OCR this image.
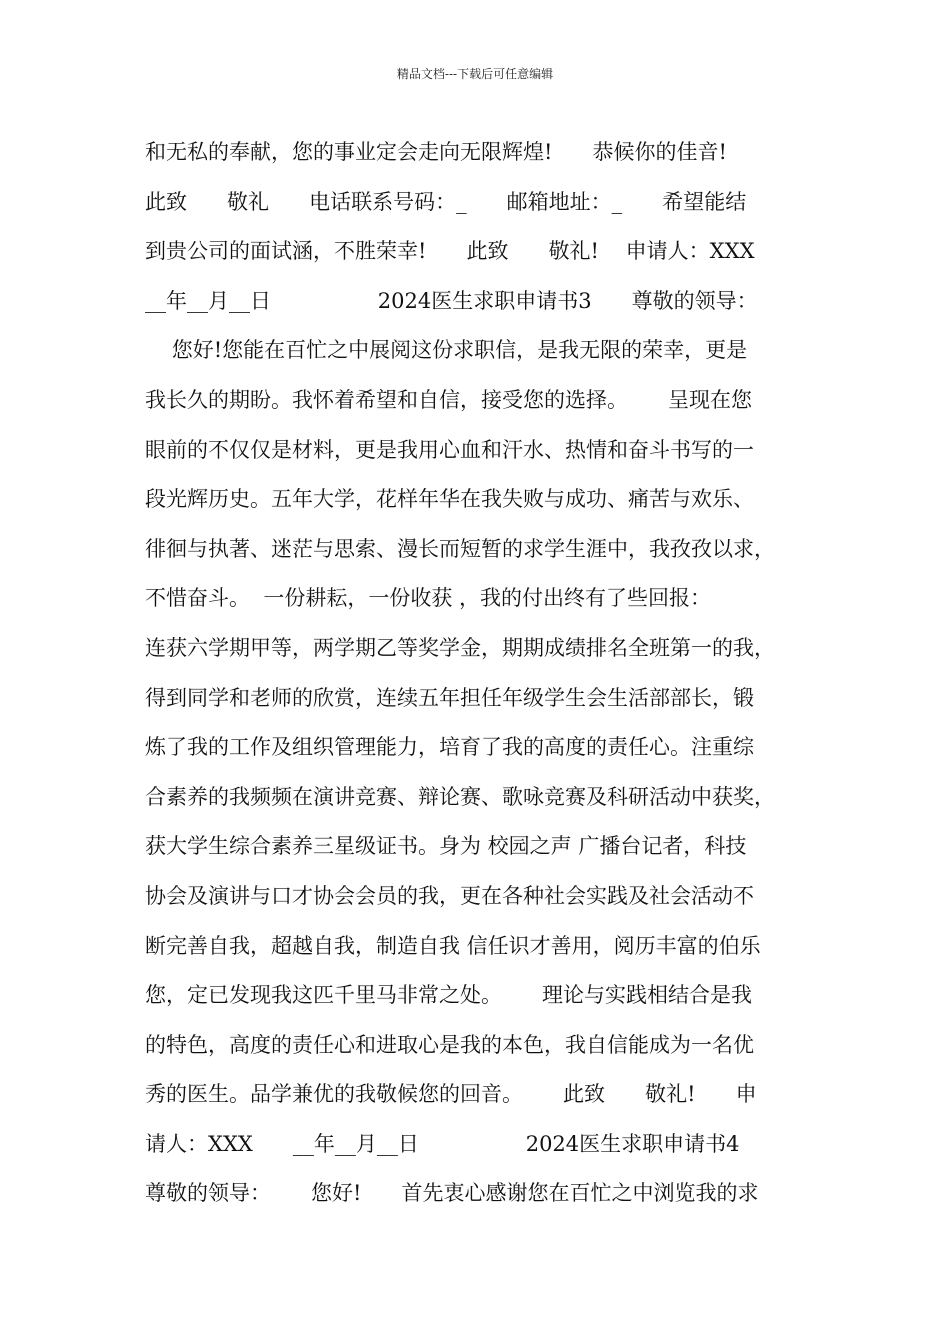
精品文档---下载后可任意编辑
和无私的奉献，您的事业定会走向无限辉煌!      恭候你的佳音!
此致      敬礼      电话联系号码：_      邮箱地址：_      希望能结
到贵公司的面试涵，不胜荣幸!      此致      敬礼!    申请人：XXX
__年__月__日                2024医生求职申请书3      尊敬的领导：
您好!您能在百忙之中展阅这份求职信，是我无限的荣幸，更是
我长久的期盼。我怀着希望和自信，接受您的选择。      呈现在您
眼前的不仅仅是材料，更是我用心血和汗水、热情和奋斗书写的一
段光辉历史。五年大学，花样年华在我失败与成功、痛苦与欢乐、
徘徊与执著、迷茫与思索、漫长而短暂的求学生涯中，我孜孜以求，
不惜奋斗。  一份耕耘，一份收获 ，我的付出终有了些回报：
连获六学期甲等，两学期乙等奖学金，期期成绩排名全班第一的我，
得到同学和老师的欣赏，连续五年担任年级学生会生活部部长，锻
炼了我的工作及组织管理能力，培育了我的高度的责任心。注重综
合素养的我频频在演讲竞赛、辩论赛、歌咏竞赛及科研活动中获奖，
获大学生综合素养三星级证书。身为 校园之声 广播台记者，科技
协会及演讲与口才协会会员的我，更在各种社会实践及社会活动不
断完善自我，超越自我，制造自我 信任识才善用，阅历丰富的伯乐
您，定已发现我这匹千里马非常之处。      理论与实践相结合是我
的特色，高度的责任心和进取心是我的本色，我自信能成为一名优
秀的医生。品学兼优的我敬候您的回音。      此致      敬礼!      申
请人：XXX      __年__月__日                2024医生求职申请书4
尊敬的领导：      您好!      首先衷心感谢您在百忙之中浏览我的求
